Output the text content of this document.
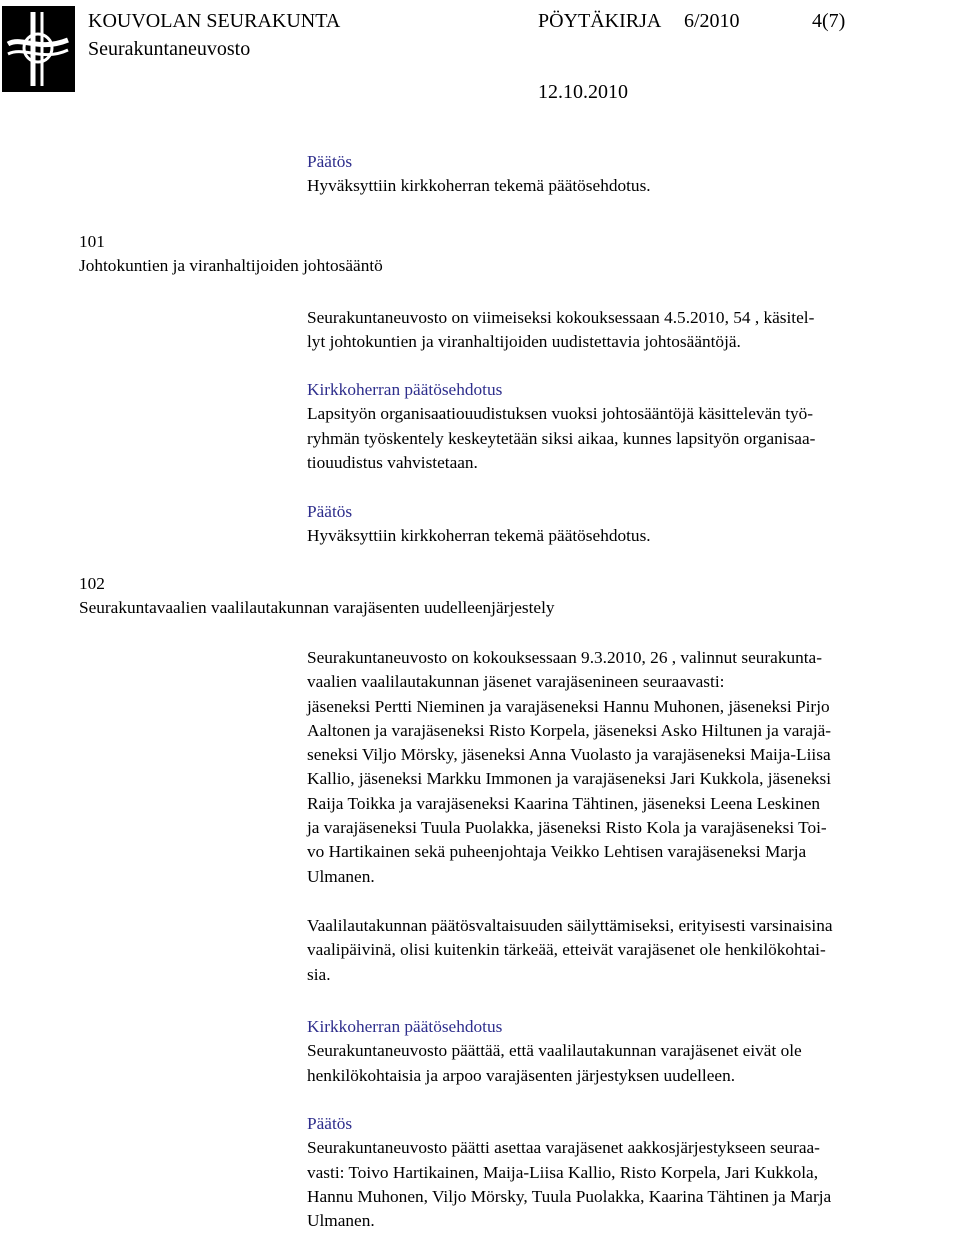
KOUVOLAN SEURAKUNTA
Seurakuntaneuvosto
PÖYTÄKIRJA 6/2010	4(7)
12.10.2010

Päätös

Hyväksyttiin kirkkoherran tekemä päätösehdotus.

101
Johtokuntien ja viranhaltijoiden johtosääntö
Seurakuntaneuvosto on viimeiseksi kokouksessaan 4.5.2010, 54 , käsitel-
lyt johtokuntien ja viranhaltijoiden uudistettavia johtosääntöjä.

Kirkkoherran päätösehdotus

Lapsityön organisaatiouudistuksen vuoksi johtosääntöjä käsittelevän työ-
ryhmän työskentely keskeytetään siksi aikaa, kunnes lapsityön organisaa-
tiouudistus vahvistetaan.

Päätös

Hyväksyttiin kirkkoherran tekemä päätösehdotus.

102
Seurakuntavaalien vaalilautakunnan varajäsenten uudelleenjärjestely
Seurakuntaneuvosto on kokouksessaan 9.3.2010, 26 , valinnut seurakunta-
vaalien vaalilautakunnan jäsenet varajäsenineen seuraavasti:
jäseneksi Pertti Nieminen ja varajäseneksi Hannu Muhonen, jäseneksi Pirjo
Aaltonen ja varajäseneksi Risto Korpela, jäseneksi Asko Hiltunen ja varajä-
seneksi Viljo Mörsky, jäseneksi Anna Vuolasto ja varajäseneksi Maija-Liisa
Kallio, jäseneksi Markku Immonen ja varajäseneksi Jari Kukkola, jäseneksi
Raija Toikka ja varajäseneksi Kaarina Tähtinen, jäseneksi Leena Leskinen
ja varajäseneksi Tuula Puolakka, jäseneksi Risto Kola ja varajäseneksi Toi-
vo Hartikainen sekä puheenjohtaja Veikko Lehtisen varajäseneksi Marja
Ulmanen.
Vaalilautakunnan päätösvaltaisuuden säilyttämiseksi, erityisesti varsinaisina
vaalipäivinä, olisi kuitenkin tärkeää, etteivät varajäsenet ole henkilökohtai-
sia.

Kirkkoherran päätösehdotus

Seurakuntaneuvosto päättää, että vaalilautakunnan varajäsenet eivät ole
henkilökohtaisia ja arpoo varajäsenten järjestyksen uudelleen.

Päätös

Seurakuntaneuvosto päätti asettaa varajäsenet aakkosjärjestykseen seuraa-
vasti: Toivo Hartikainen, Maija-Liisa Kallio, Risto Korpela, Jari Kukkola,
Hannu Muhonen, Viljo Mörsky, Tuula Puolakka, Kaarina Tähtinen ja Marja
Ulmanen.
